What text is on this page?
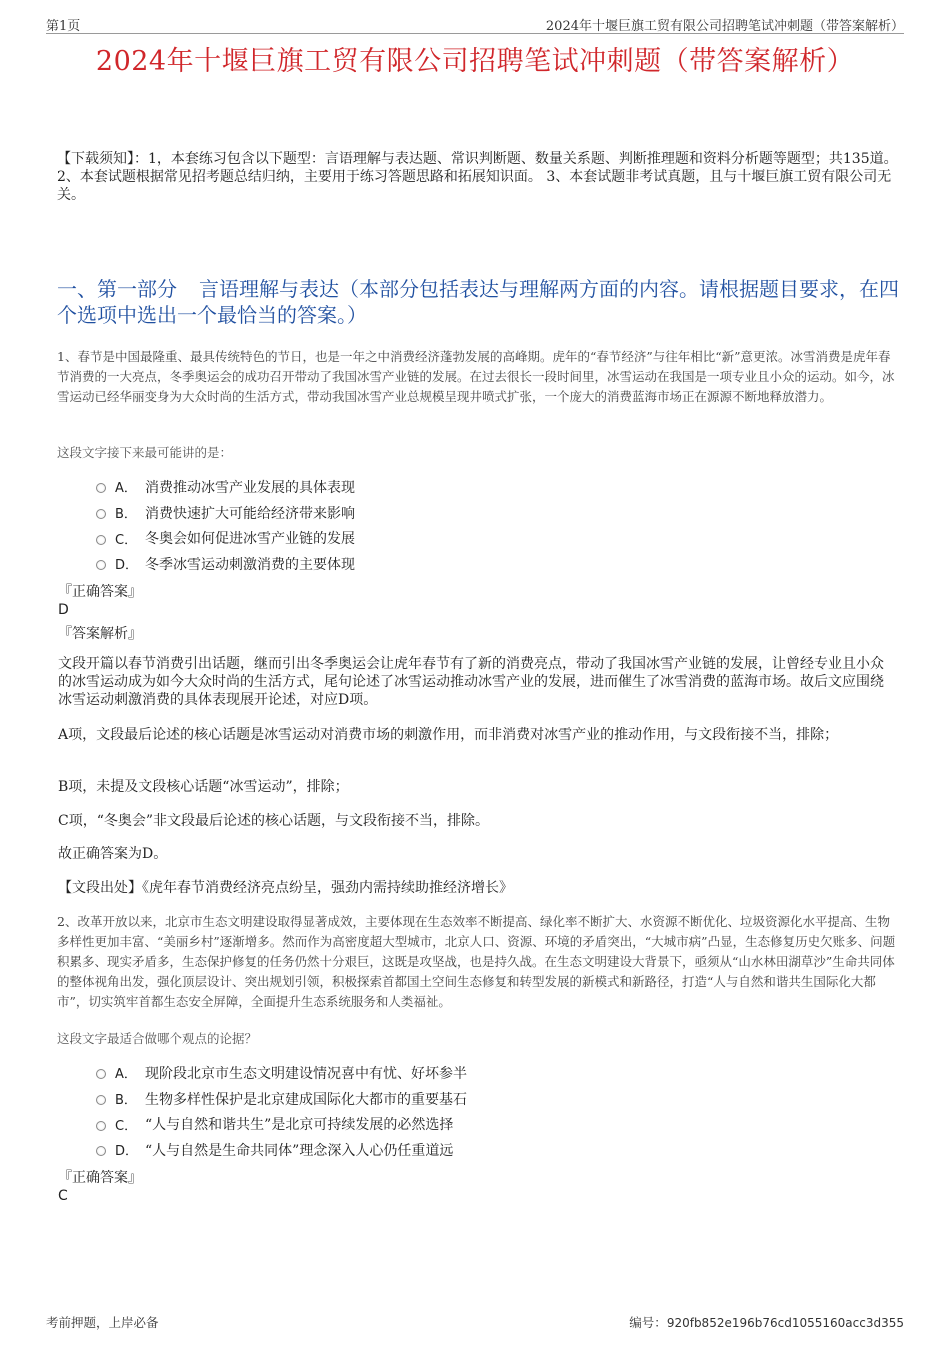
第1页	2024年十堰巨旗工贸有限公司招聘笔试冲刺题（带答案解析）
2024年十堰巨旗工贸有限公司招聘笔试冲刺题（带答案解析）
【下载须知】：1，本套练习包含以下题型：言语理解与表达题、常识判断题、数量关系题、判断推理题和资料分析题等题型；共135道。 2、本套试题根据常见招考题总结归纳，主要用于练习答题思路和拓展知识面。 3、本套试题非考试真题，且与十堰巨旗工贸有限公司无关。
一、第一部分 言语理解与表达（本部分包括表达与理解两方面的内容。请根据题目要求，在四个选项中选出一个最恰当的答案。）
1、春节是中国最隆重、最具传统特色的节日，也是一年之中消费经济蓬勃发展的高峰期。虎年的“春节经济”与往年相比“新”意更浓。冰雪消费是虎年春节消费的一大亮点，冬季奥运会的成功召开带动了我国冰雪产业链的发展。在过去很长一段时间里，冰雪运动在我国是一项专业且小众的运动。如今，冰雪运动已经华丽变身为大众时尚的生活方式，带动我国冰雪产业总规模呈现井喷式扩张，一个庞大的消费蓝海市场正在源源不断地释放潜力。
这段文字接下来最可能讲的是：
A． 消费推动冰雪产业发展的具体表现
B． 消费快速扩大可能给经济带来影响
C． 冬奥会如何促进冰雪产业链的发展
D． 冬季冰雪运动刺激消费的主要体现
『正确答案』
D
『答案解析』
文段开篇以春节消费引出话题，继而引出冬季奥运会让虎年春节有了新的消费亮点，带动了我国冰雪产业链的发展，让曾经专业且小众的冰雪运动成为如今大众时尚的生活方式，尾句论述了冰雪运动推动冰雪产业的发展，进而催生了冰雪消费的蓝海市场。故后文应围绕冰雪运动刺激消费的具体表现展开论述，对应D项。
A项，文段最后论述的核心话题是冰雪运动对消费市场的刺激作用，而非消费对冰雪产业的推动作用，与文段衔接不当，排除；
B项，未提及文段核心话题“冰雪运动”，排除；
C项，“冬奥会”非文段最后论述的核心话题，与文段衔接不当，排除。
故正确答案为D。
【文段出处】《虎年春节消费经济亮点纷呈，强劲内需持续助推经济增长》
2、改革开放以来，北京市生态文明建设取得显著成效，主要体现在生态效率不断提高、绿化率不断扩大、水资源不断优化、垃圾资源化水平提高、生物多样性更加丰富、“美丽乡村”逐渐增多。然而作为高密度超大型城市，北京人口、资源、环境的矛盾突出，“大城市病”凸显，生态修复历史欠账多、问题积累多、现实矛盾多，生态保护修复的任务仍然十分艰巨，这既是攻坚战，也是持久战。在生态文明建设大背景下，亟须从“山水林田湖草沙”生命共同体的整体视角出发，强化顶层设计、突出规划引领，积极探索首都国土空间生态修复和转型发展的新模式和新路径，打造“人与自然和谐共生国际化大都市”，切实筑牢首都生态安全屏障，全面提升生态系统服务和人类福祉。
这段文字最适合做哪个观点的论据？
A． 现阶段北京市生态文明建设情况喜中有忧、好坏参半
B． 生物多样性保护是北京建成国际化大都市的重要基石
C． “人与自然和谐共生”是北京可持续发展的必然选择
D． “人与自然是生命共同体”理念深入人心仍任重道远
『正确答案』
C
考前押题，上岸必备	编号：920fb852e196b76cd1055160acc3d355
